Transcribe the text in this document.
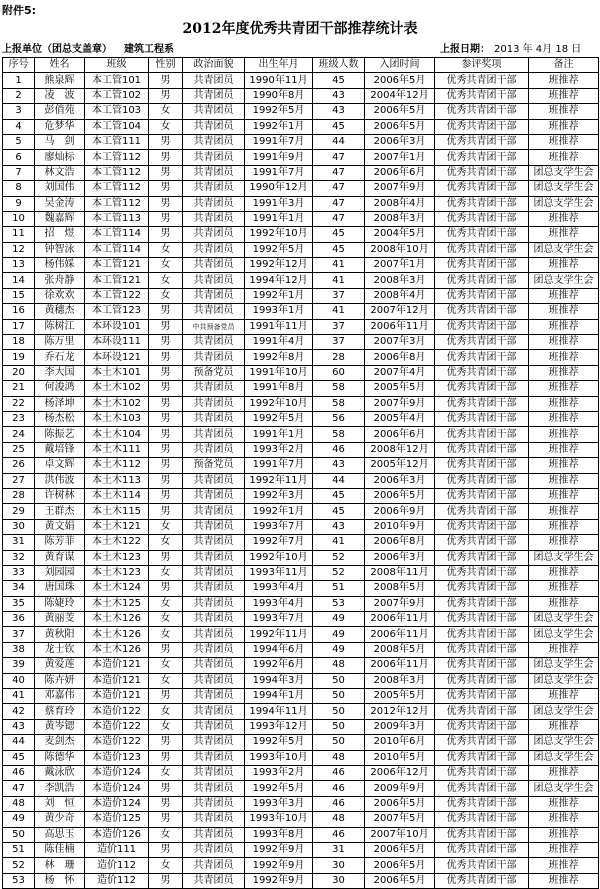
附件5:
2012年度优秀共青团干部推荐统计表
上报单位（团总支盖章） 建筑工程系	上报日期： 2013 年 4月 18 日
序号	姓名	班级	性别	政治面貌	出生年月	班级人数	入团时间	参评奖项	备注
1	熊泉辉	本工管101	男	共青团员	1990年11月	45	2006年5月	优秀共青团干部	班推荐
2	凌　波	本工管102	男	共青团员	1990年8月	43	2004年12月	优秀共青团干部	班推荐
3	彭俏苑	本工管103	女	共青团员	1992年5月	43	2006年5月	优秀共青团干部	班推荐
4	危梦华	本工管104	女	共青团员	1992年1月	45	2006年5月	优秀共青团干部	班推荐
5	马　剑	本工管111	男	共青团员	1991年7月	44	2006年3月	优秀共青团干部	班推荐
6	廖灿标	本工管112	男	共青团员	1991年9月	47	2007年1月	优秀共青团干部	班推荐
7	林文浩	本工管112	男	共青团员	1991年7月	47	2006年6月	优秀共青团干部	团总支学生会
8	刘国伟	本工管112	男	共青团员	1990年12月	47	2007年9月	优秀共青团干部	团总支学生会
9	吴金涛	本工管112	男	共青团员	1991年3月	47	2008年4月	优秀共青团干部	团总支学生会
10	魏嘉辉	本工管113	男	共青团员	1991年1月	47	2008年3月	优秀共青团干部	班推荐
11	招　煜	本工管114	男	共青团员	1992年10月	45	2004年5月	优秀共青团干部	班推荐
12	钟智泳	本工管114	女	共青团员	1992年5月	45	2008年10月	优秀共青团干部	团总支学生会
13	杨伟婇	本工管121	女	共青团员	1992年12月	41	2007年1月	优秀共青团干部	班推荐
14	张舟静	本工管121	女	共青团员	1994年12月	41	2008年3月	优秀共青团干部	团总支学生会
15	徐欢欢	本工管122	女	共青团员	1992年1月	37	2008年4月	优秀共青团干部	班推荐
16	黄穗杰	本工管123	男	共青团员	1993年1月	41	2007年12月	优秀共青团干部	班推荐
17	陈树江	本环设101	男	中共预备党员	1991年11月	37	2006年11月	优秀共青团干部	班推荐
18	陈万里	本环设111	男	共青团员	1991年4月	37	2007年3月	优秀共青团干部	班推荐
19	乔石龙	本环设121	男	共青团员	1992年8月	28	2006年8月	优秀共青团干部	班推荐
20	李大国	本土木101	男	预备党员	1991年10月	60	2007年4月	优秀共青团干部	班推荐
21	何浚鸿	本土木102	男	共青团员	1991年8月	58	2005年5月	优秀共青团干部	班推荐
22	杨泽坤	本土木102	男	共青团员	1992年10月	58	2007年9月	优秀共青团干部	班推荐
23	杨杰松	本土木103	男	共青团员	1992年5月	56	2005年4月	优秀共青团干部	班推荐
24	陈振艺	本土木104	男	共青团员	1991年1月	58	2006年6月	优秀共青团干部	班推荐
25	戴培锋	本土木111	男	共青团员	1993年2月	46	2008年12月	优秀共青团干部	班推荐
26	卓文辉	本土木112	男	预备党员	1991年7月	43	2005年12月	优秀共青团干部	班推荐
27	洪伟波	本土木113	男	共青团员	1992年11月	44	2006年3月	优秀共青团干部	班推荐
28	许树林	本土木114	男	共青团员	1992年3月	45	2006年5月	优秀共青团干部	班推荐
29	王群杰	本土木115	男	共青团员	1992年1月	45	2006年9月	优秀共青团干部	班推荐
30	黄文娟	本土木121	女	共青团员	1993年7月	43	2010年9月	优秀共青团干部	班推荐
31	陈芳菲	本土木122	女	共青团员	1992年7月	41	2006年8月	优秀共青团干部	班推荐
32	黄育谋	本土木123	男	共青团员	1992年10月	52	2006年3月	优秀共青团干部	团总支学生会
33	刘园园	本土木123	女	共青团员	1993年11月	52	2008年11月	优秀共青团干部	班推荐
34	唐国珠	本土木124	男	共青团员	1993年4月	51	2008年5月	优秀共青团干部	班推荐
35	陈婕玲	本土木125	女	共青团员	1993年4月	53	2007年9月	优秀共青团干部	班推荐
36	黄丽芰	本土木126	女	共青团员	1993年7月	49	2006年11月	优秀共青团干部	团总支学生会
37	黄秋阳	本土木126	女	共青团员	1992年11月	49	2006年11月	优秀共青团干部	团总支学生会
38	龙士钦	本土木126	男	共青团员	1994年6月	49	2008年5月	优秀共青团干部	班推荐
39	黄爱莲	本造价121	女	共青团员	1992年6月	48	2006年11月	优秀共青团干部	团总支学生会
40	陈卉妍	本造价121	女	共青团员	1994年3月	50	2008年3月	优秀共青团干部	团总支学生会
41	邓嘉伟	本造价121	男	共青团员	1994年1月	50	2005年5月	优秀共青团干部	班推荐
42	蔡育玲	本造价122	女	共青团员	1994年11月	50	2012年12月	优秀共青团干部	团总支学生会
43	黄岑锶	本造价122	女	共青团员	1993年12月	50	2009年3月	优秀共青团干部	班推荐
44	麦剑杰	本造价122	男	共青团员	1992年5月	50	2010年6月	优秀共青团干部	团总支学生会
45	陈德华	本造价123	男	共青团员	1993年10月	48	2010年5月	优秀共青团干部	团总支学生会
46	戴泳欣	本造价124	女	共青团员	1993年2月	46	2006年12月	优秀共青团干部	班推荐
47	李凯浩	本造价124	男	共青团员	1992年5月	46	2009年9月	优秀共青团干部	团总支学生会
48	刘　恒	本造价124	男	共青团员	1993年3月	46	2006年5月	优秀共青团干部	班推荐
49	黄少奇	本造价125	男	共青团员	1993年10月	48	2007年5月	优秀共青团干部	班推荐
50	高思玉	本造价126	女	共青团员	1993年8月	46	2007年10月	优秀共青团干部	班推荐
51	陈佳楠	造价111	男	共青团员	1992年9月	31	2006年5月	优秀共青团干部	班推荐
52	林　珊	造价112	女	共青团员	1992年9月	30	2006年5月	优秀共青团干部	班推荐
53	杨　怀	造价112	男	共青团员	1992年9月	30	2006年5月	优秀共青团干部	班推荐
